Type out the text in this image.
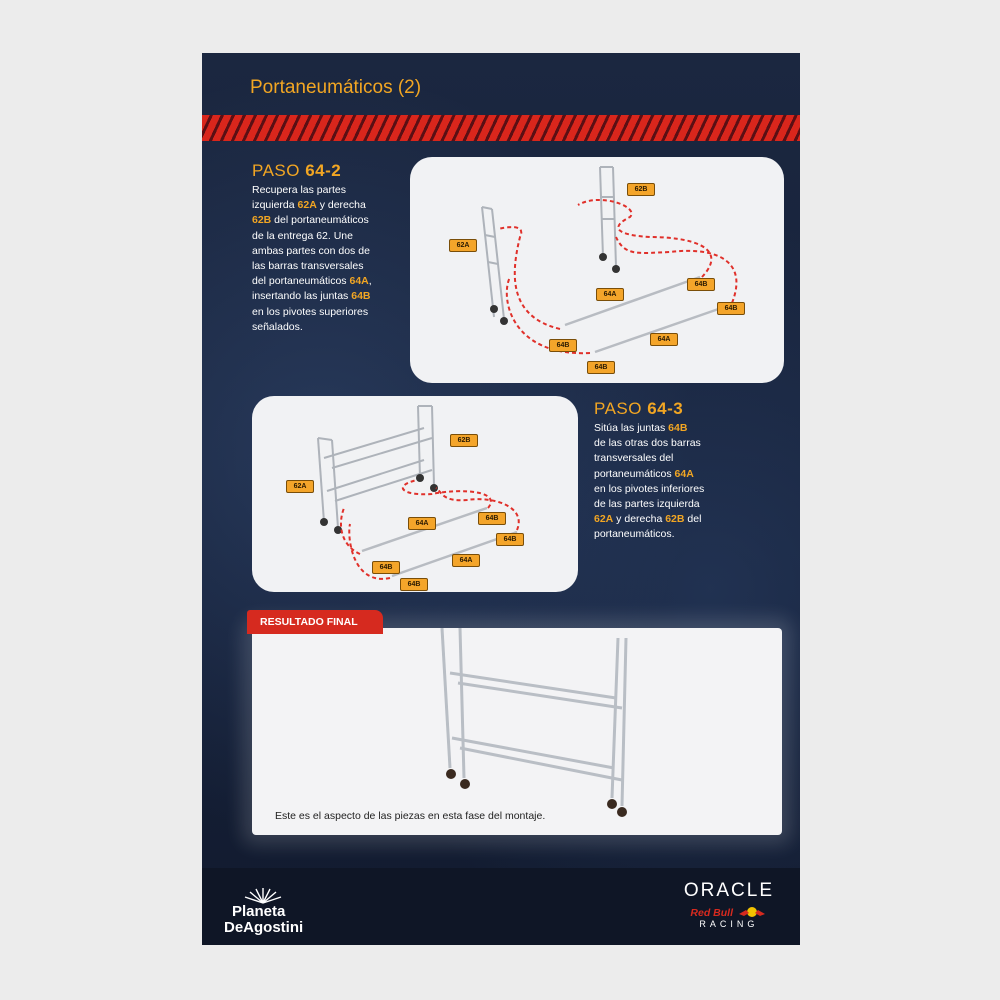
Portaneumáticos (2)
PASO 64-2
Recupera las partes
izquierda 62A y derecha
62B del portaneumáticos
de la entrega 62. Une
ambas partes con dos de
las barras transversales
del portaneumáticos 64A,
insertando las juntas 64B
en los pivotes superiores
señalados.
62A
62B
64A
64A
64B
64B
64B
64B
62A
62B
64A
64A
64B
64B
64B
64B
PASO 64-3
Sitúa las juntas 64B
de las otras dos barras
transversales del
portaneumáticos 64A
en los pivotes inferiores
de las partes izquierda
62A y derecha 62B del
portaneumáticos.
Este es el aspecto de las piezas en esta fase del montaje.
RESULTADO FINAL
Planeta
DeAgostini
ORACLE
Red Bull
RACING
